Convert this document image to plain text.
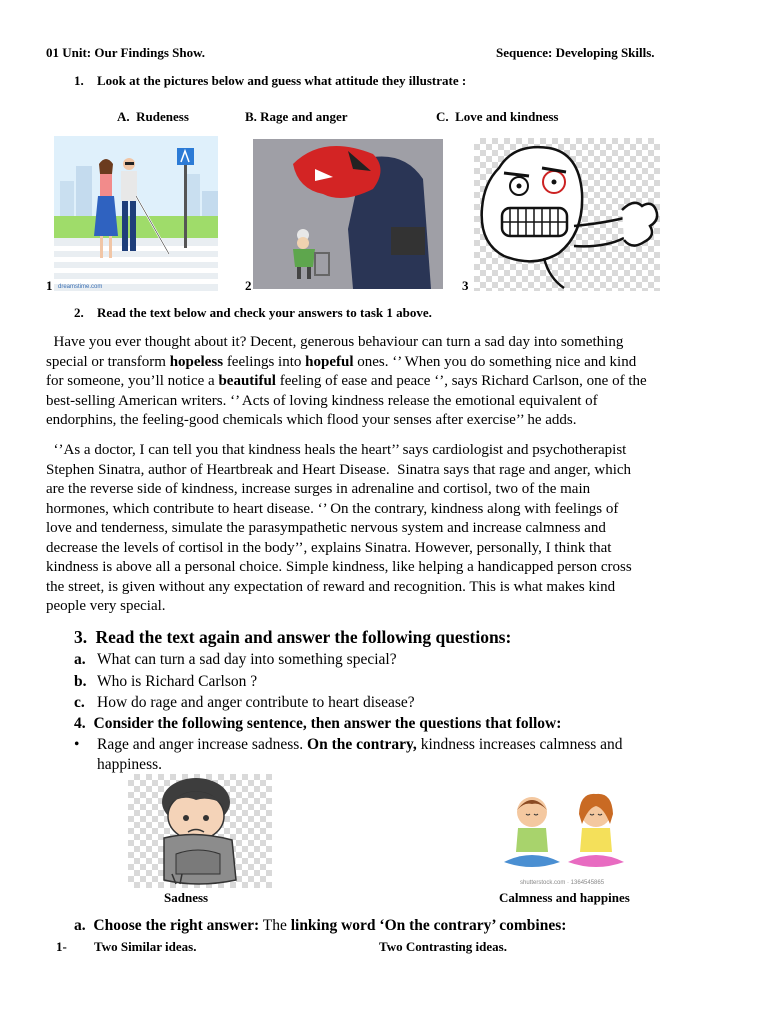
01 Unit: Our Findings Show.	Sequence: Developing Skills.
1. Look at the pictures below and guess what attitude they illustrate :
A. Rudeness	B. Rage and anger	C. Love and kindness
dreamstime.com
1	2	3
2. Read the text below and check your answers to task 1 above.
Have you ever thought about it? Decent, generous behaviour can turn a sad day into something
special or transform hopeless feelings into hopeful ones. ‘’ When you do something nice and kind
for someone, you’ll notice a beautiful feeling of ease and peace ‘’, says Richard Carlson, one of the
best-selling American writers. ‘’ Acts of loving kindness release the emotional equivalent of
endorphins, the feeling-good chemicals which flood your senses after exercise’’ he adds.
‘’As a doctor, I can tell you that kindness heals the heart’’ says cardiologist and psychotherapist
Stephen Sinatra, author of Heartbreak and Heart Disease.  Sinatra says that rage and anger, which
are the reverse side of kindness, increase surges in adrenaline and cortisol, two of the main
hormones, which contribute to heart disease. ‘’ On the contrary, kindness along with feelings of
love and tenderness, simulate the parasympathetic nervous system and increase calmness and
decrease the levels of cortisol in the body’’, explains Sinatra. However, personally, I think that
kindness is above all a personal choice. Simple kindness, like helping a handicapped person cross
the street, is given without any expectation of reward and recognition. This is what makes kind
people very special.
3. Read the text again and answer the following questions:
a. What can turn a sad day into something special?
b. Who is Richard Carlson ?
c. How do rage and anger contribute to heart disease?
4. Consider the following sentence, then answer the questions that follow:
• Rage and anger increase sadness. On the contrary, kindness increases calmness and
happiness.
Sadness
shutterstock.com · 1364545865
Calmness and happines
a. Choose the right answer: The linking word ‘On the contrary’ combines:
1- Two Similar ideas.	Two Contrasting ideas.
